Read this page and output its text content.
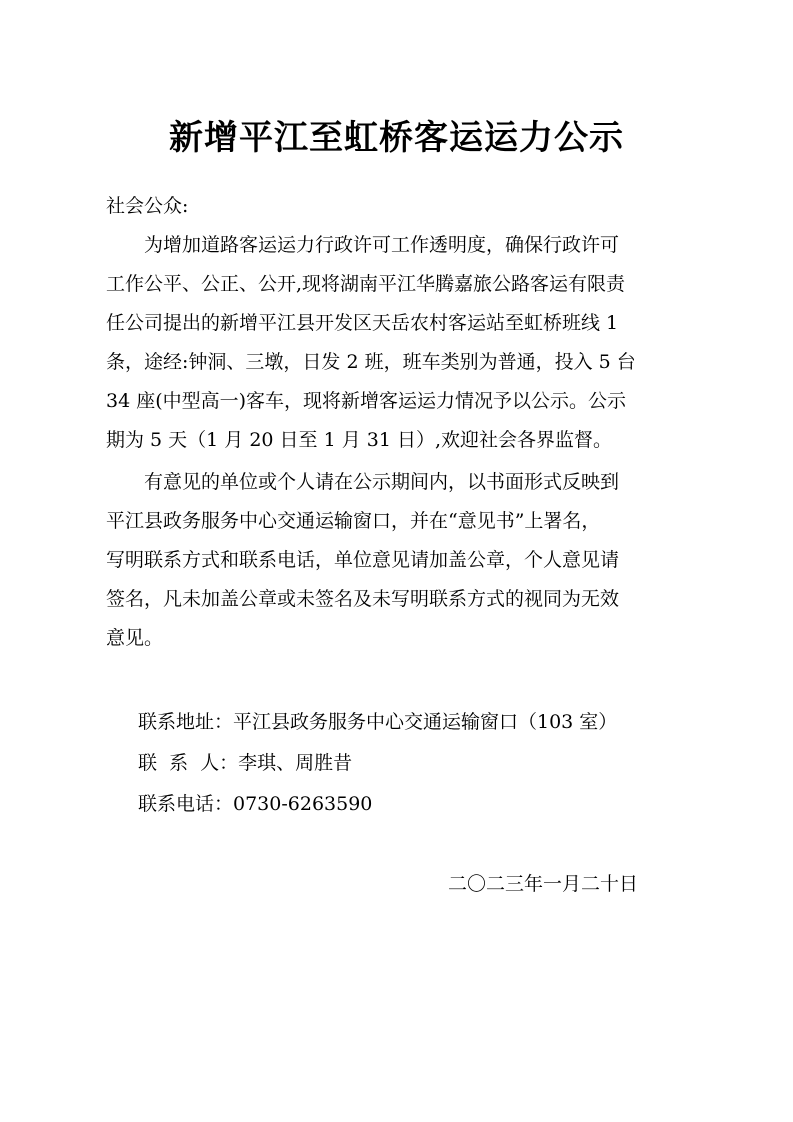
新增平江至虹桥客运运力公示
社会公众:
为增加道路客运运力行政许可工作透明度，确保行政许可
工作公平、公正、公开,现将湖南平江华腾嘉旅公路客运有限责
任公司提出的新增平江县开发区天岳农村客运站至虹桥班线 1
条，途经:钟洞、三墩，日发 2 班，班车类别为普通，投入 5 台
34 座(中型高一)客车，现将新增客运运力情况予以公示。公示
期为 5 天（1 月 20 日至 1 月 31 日）,欢迎社会各界监督。
有意见的单位或个人请在公示期间内，以书面形式反映到
平江县政务服务中心交通运输窗口，并在“意见书”上署名，
写明联系方式和联系电话，单位意见请加盖公章，个人意见请
签名，凡未加盖公章或未签名及未写明联系方式的视同为无效
意见。
联系地址：平江县政务服务中心交通运输窗口（103 室）
联  系  人：李琪、周胜昔
联系电话：0730-6263590
二〇二三年一月二十日
